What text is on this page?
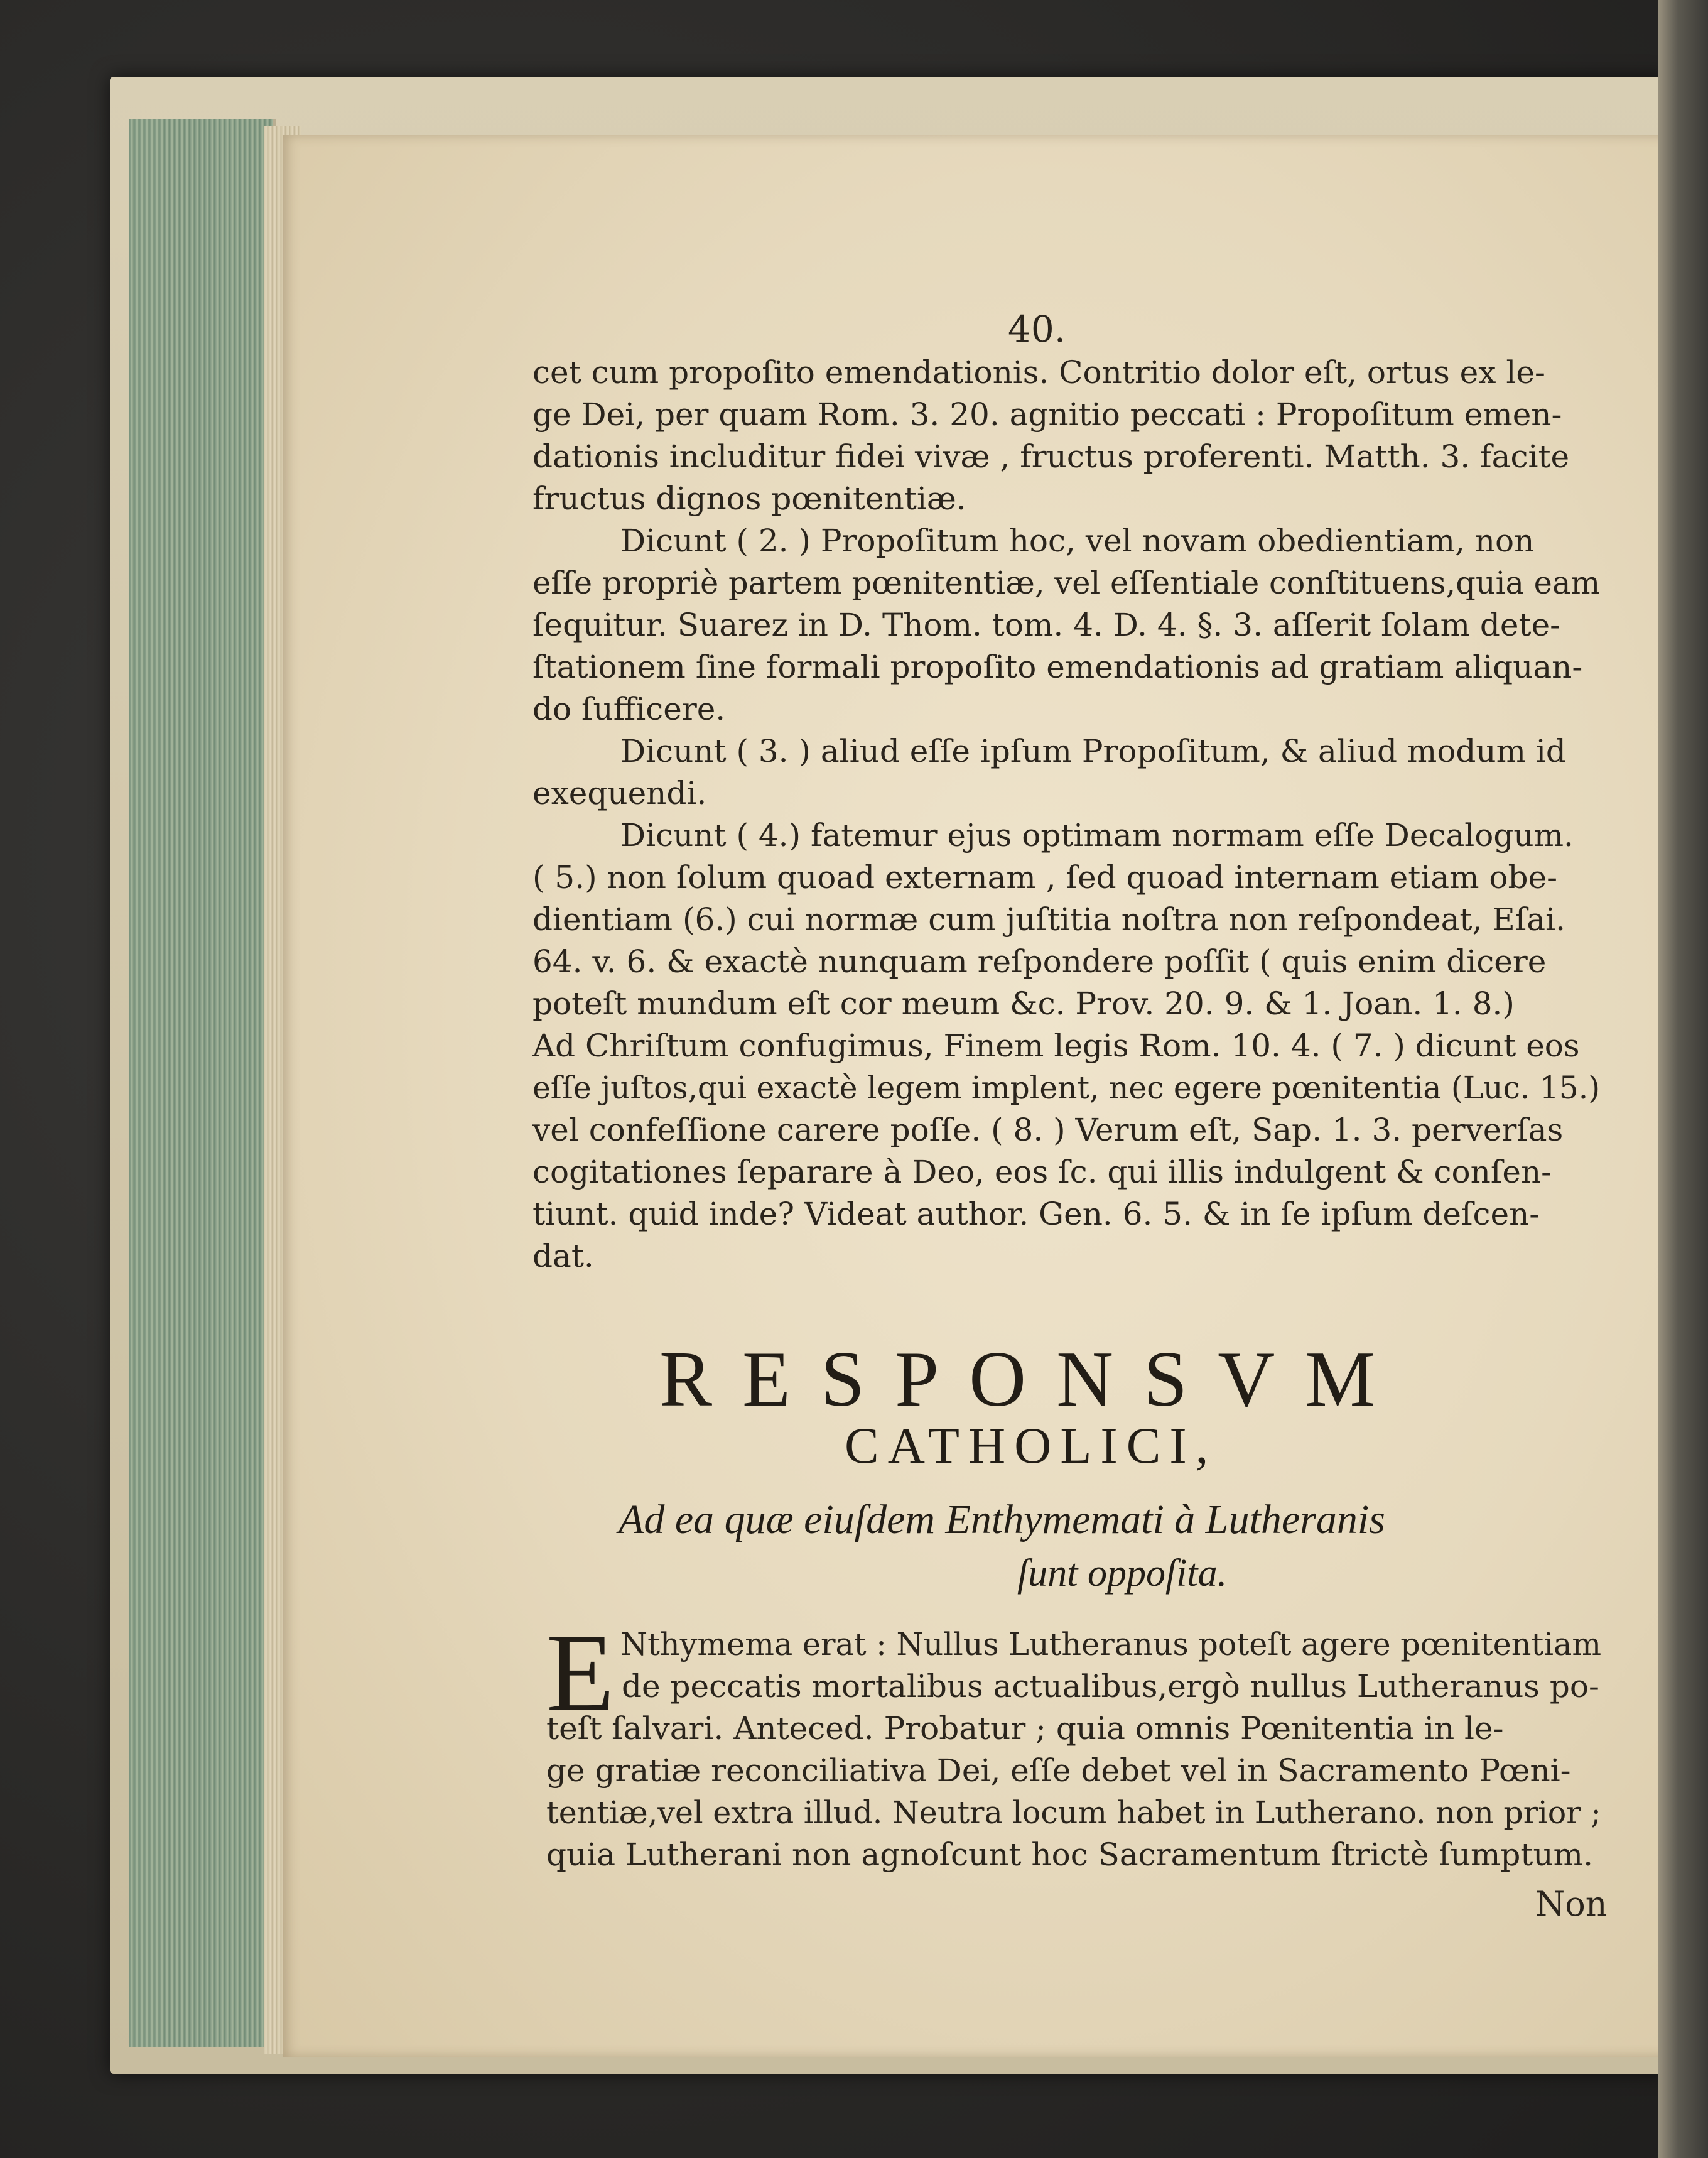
40.
cet cum propoſito emendationis. Contritio dolor eſt, ortus ex le-
ge Dei, per quam Rom. 3. 20. agnitio peccati : Propoſitum emen-
dationis includitur fidei vivæ , fructus proferenti. Matth. 3. facite
fructus dignos pœnitentiæ.
Dicunt ( 2. ) Propoſitum hoc, vel novam obedientiam, non
eſſe propriè partem pœnitentiæ, vel eſſentiale conſtituens,quia eam
ſequitur. Suarez in D. Thom. tom. 4. D. 4. §. 3. aſſerit ſolam dete-
ſtationem ſine formali propoſito emendationis ad gratiam aliquan-
do ſufficere.
Dicunt ( 3. ) aliud eſſe ipſum Propoſitum, & aliud modum id
exequendi.
Dicunt ( 4.) fatemur ejus optimam normam eſſe Decalogum.
( 5.) non ſolum quoad externam , ſed quoad internam etiam obe-
dientiam (6.) cui normæ cum juſtitia noſtra non reſpondeat, Eſai.
64. v. 6. & exactè nunquam reſpondere poſſit ( quis enim dicere
poteſt mundum eſt cor meum &c. Prov. 20. 9. & 1. Joan. 1. 8.)
Ad Chriſtum confugimus, Finem legis Rom. 10. 4. ( 7. ) dicunt eos
eſſe juſtos,qui exactè legem implent, nec egere pœnitentia (Luc. 15.)
vel confeſſione carere poſſe. ( 8. ) Verum eſt, Sap. 1. 3. perverſas
cogitationes ſeparare à Deo, eos ſc. qui illis indulgent & conſen-
tiunt. quid inde? Videat author. Gen. 6. 5. & in ſe ipſum deſcen-
dat.
RESPONSVM
CATHOLICI,
Ad ea quæ eiuſdem Enthymemati à Lutheranis
ſunt oppoſita.
E Nthymema erat : Nullus Lutheranus poteſt agere pœnitentiam
de peccatis mortalibus actualibus,ergò nullus Lutheranus po-
teſt ſalvari. Anteced. Probatur ; quia omnis Pœnitentia in le-
ge gratiæ reconciliativa Dei, eſſe debet vel in Sacramento Pœni-
tentiæ,vel extra illud. Neutra locum habet in Lutherano. non prior ;
quia Lutherani non agnoſcunt hoc Sacramentum ſtrictè ſumptum.
Non
